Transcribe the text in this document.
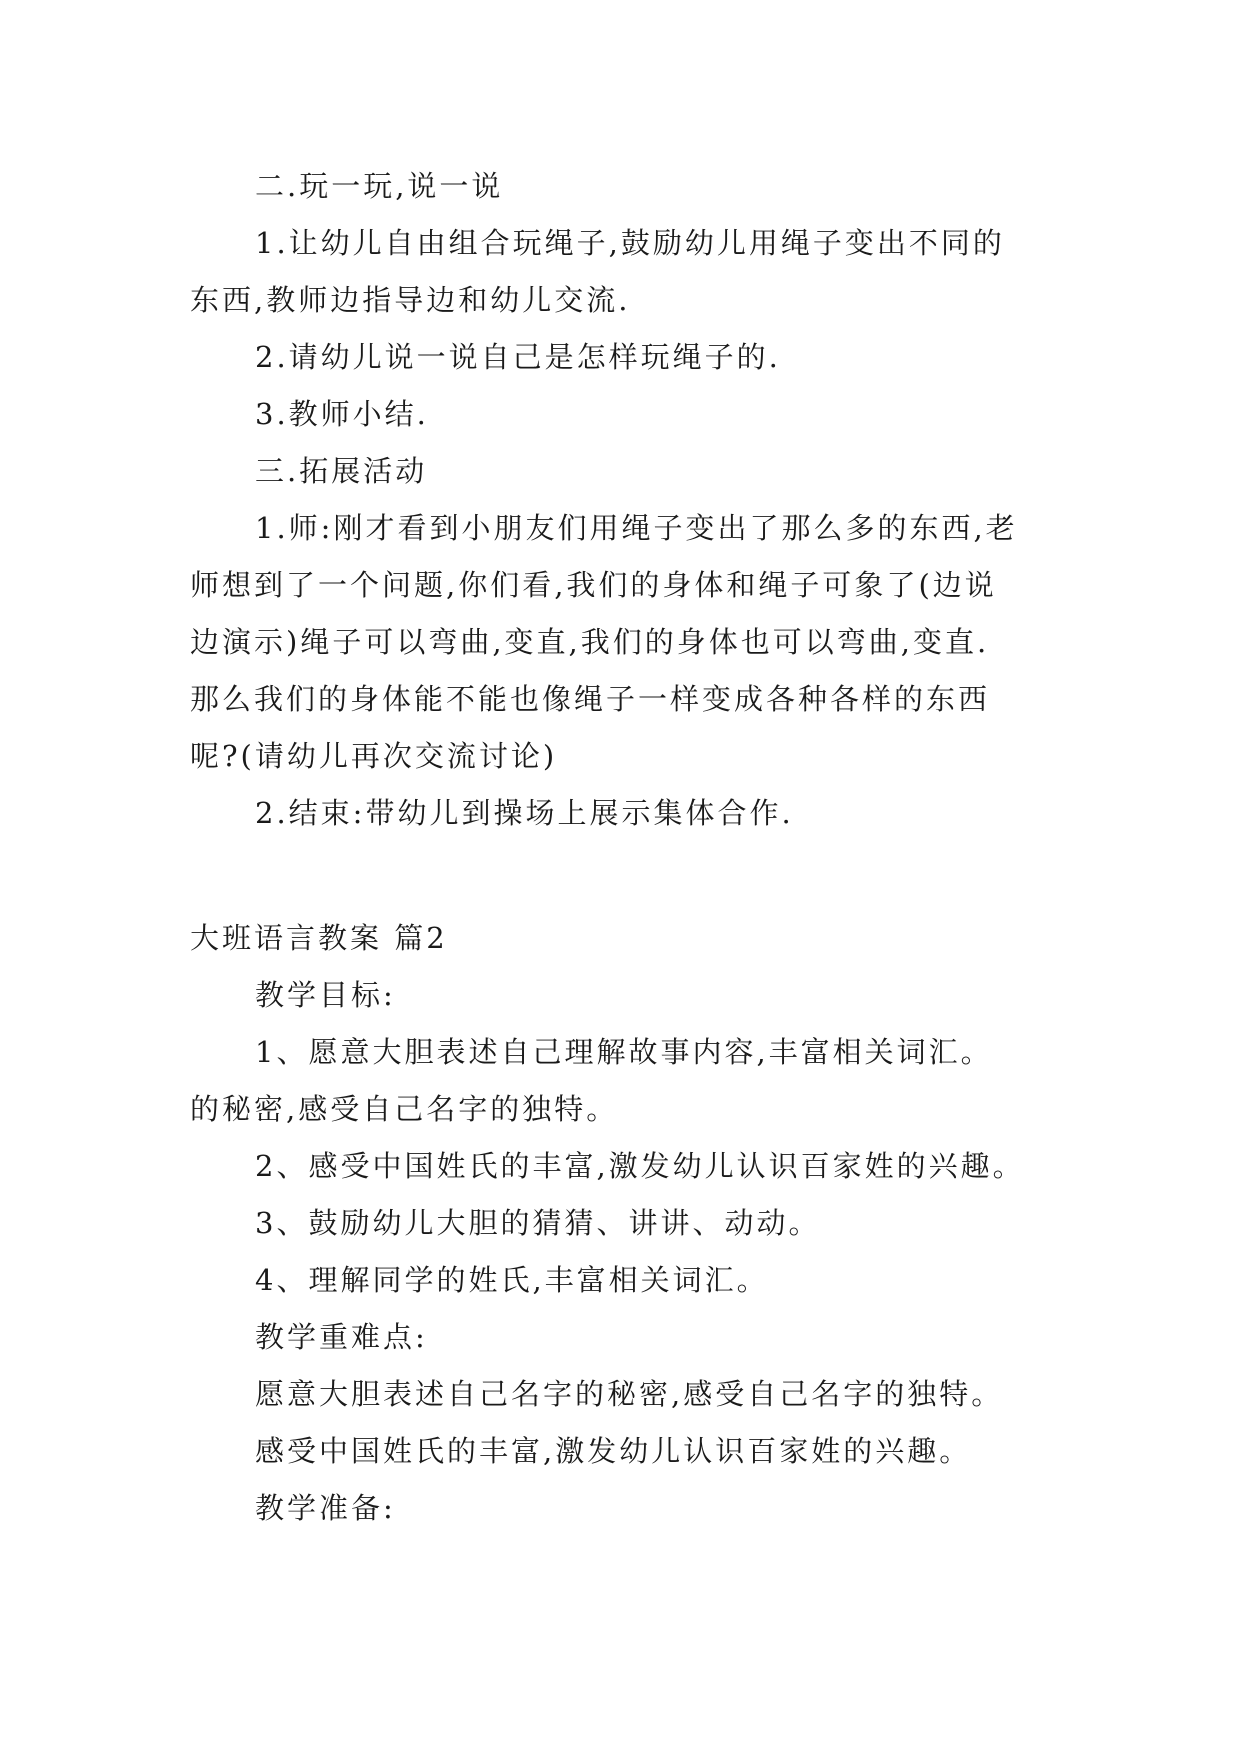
二.玩一玩,说一说
1.让幼儿自由组合玩绳子,鼓励幼儿用绳子变出不同的
东西,教师边指导边和幼儿交流.
2.请幼儿说一说自己是怎样玩绳子的.
3.教师小结.
三.拓展活动
1.师:刚才看到小朋友们用绳子变出了那么多的东西,老
师想到了一个问题,你们看,我们的身体和绳子可象了(边说
边演示)绳子可以弯曲,变直,我们的身体也可以弯曲,变直.
那么我们的身体能不能也像绳子一样变成各种各样的东西
呢?(请幼儿再次交流讨论)
2.结束:带幼儿到操场上展示集体合作.
大班语言教案 篇2
教学目标:
1、愿意大胆表述自己理解故事内容,丰富相关词汇。
的秘密,感受自己名字的独特。
2、感受中国姓氏的丰富,激发幼儿认识百家姓的兴趣。
3、鼓励幼儿大胆的猜猜、讲讲、动动。
4、理解同学的姓氏,丰富相关词汇。
教学重难点:
愿意大胆表述自己名字的秘密,感受自己名字的独特。
感受中国姓氏的丰富,激发幼儿认识百家姓的兴趣。
教学准备:
